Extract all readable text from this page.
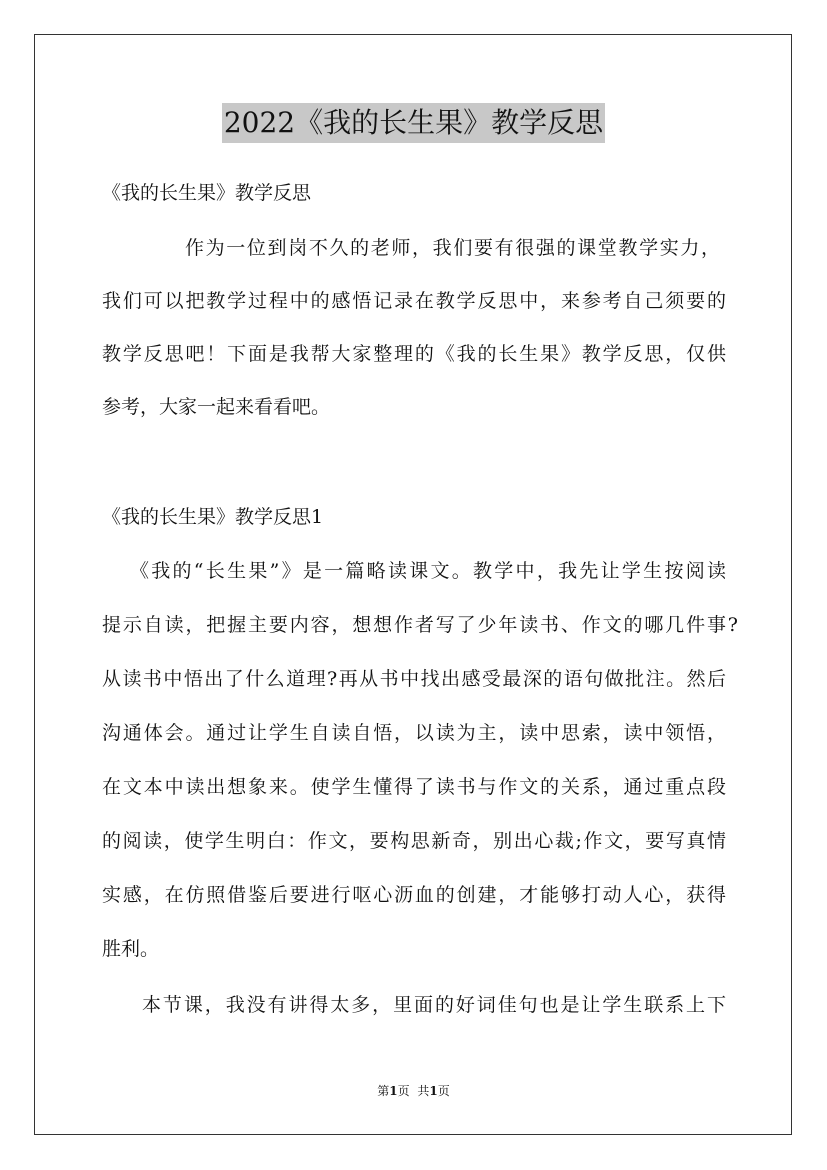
2022《我的长生果》教学反思
《我的长生果》教学反思
作为一位到岗不久的老师，我们要有很强的课堂教学实力，
我们可以把教学过程中的感悟记录在教学反思中，来参考自己须要的
教学反思吧！下面是我帮大家整理的《我的长生果》教学反思，仅供
参考，大家一起来看看吧。
《我的长生果》教学反思1
《我的“长生果”》是一篇略读课文。教学中，我先让学生按阅读
提示自读，把握主要内容，想想作者写了少年读书、作文的哪几件事?
从读书中悟出了什么道理?再从书中找出感受最深的语句做批注。然后
沟通体会。通过让学生自读自悟，以读为主，读中思索，读中领悟，
在文本中读出想象来。使学生懂得了读书与作文的关系，通过重点段
的阅读，使学生明白：作文，要构思新奇，别出心裁;作文，要写真情
实感，在仿照借鉴后要进行呕心沥血的创建，才能够打动人心，获得
胜利。
本节课，我没有讲得太多，里面的好词佳句也是让学生联系上下
第1页 共1页
